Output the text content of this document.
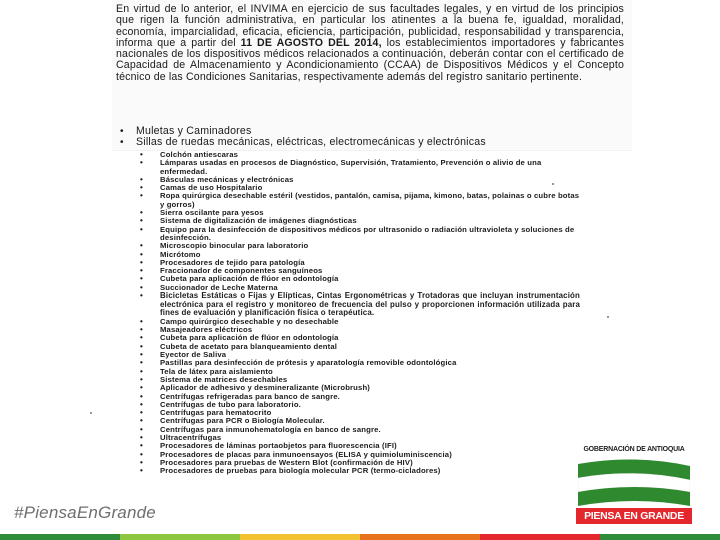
En virtud de lo anterior, el INVIMA en ejercicio de sus facultades legales, y en virtud de los principios que rigen la función administrativa, en particular los atinentes a la buena fe, igualdad, moralidad, economía, imparcialidad, eficacia, eficiencia, participación, publicidad, responsabilidad y transparencia, informa que a partir del 11 DE AGOSTO DEL 2014, los establecimientos importadores y fabricantes nacionales de los dispositivos médicos relacionados a continuación, deberán contar con el certificado de Capacidad de Almacenamiento y Acondicionamiento (CCAA) de Dispositivos Médicos y el Concepto técnico de las Condiciones Sanitarias, respectivamente además del registro sanitario pertinente.

• Muletas y Caminadores
• Sillas de ruedas mecánicas, eléctricas, electromecánicas y electrónicas
• Colchón antiescaras
• Lámparas usadas en procesos de Diagnóstico, Supervisión, Tratamiento, Prevención o alivio de una enfermedad.
• Básculas mecánicas y electrónicas
• Camas de uso Hospitalario
• Ropa quirúrgica desechable estéril (vestidos, pantalón, camisa, pijama, kimono, batas, polainas o cubre botas y gorros)
• Sierra oscilante para yesos
• Sistema de digitalización de imágenes diagnósticas
• Equipo para la desinfección de dispositivos médicos por ultrasonido o radiación ultravioleta y soluciones de desinfección.
• Microscopio binocular para laboratorio
• Micrótomo
• Procesadores de tejido para patología
• Fraccionador de componentes sanguíneos
• Cubeta para aplicación de flúor en odontología
• Succionador de Leche Materna
• Bicicletas Estáticas o Fijas y Elípticas, Cintas Ergonométricas y Trotadoras que incluyan instrumentación electrónica para el registro y monitoreo de frecuencia del pulso y proporcionen información utilizada para fines de evaluación y planificación física o terapéutica.
• Campo quirúrgico desechable y no desechable
• Masajeadores eléctricos
• Cubeta para aplicación de flúor en odontología
• Cubeta de acetato para blanqueamiento dental
• Eyector de Saliva
• Pastillas para desinfección de prótesis y aparatología removible odontológica
• Tela de látex para aislamiento
• Sistema de matrices desechables
• Aplicador de adhesivo y desmineralizante (Microbrush)
• Centrífugas refrigeradas para banco de sangre.
• Centrífugas de tubo para laboratorio.
• Centrífugas para hematocrito
• Centrífugas para PCR o Biología Molecular.
• Centrífugas para inmunohematología en banco de sangre.
• Ultracentrífugas
• Procesadores de láminas portaobjetos para fluorescencia (IFI)
• Procesadores de placas para inmunoensayos (ELISA y quimioluminiscencia)
• Procesadores para pruebas de Western Blot (confirmación de HIV)
• Procesadores de pruebas para biología molecular PCR (termo-cicladores)
#PiensaEnGrande
GOBERNACIÓN DE ANTIOQUIA
PIENSA EN GRANDE
